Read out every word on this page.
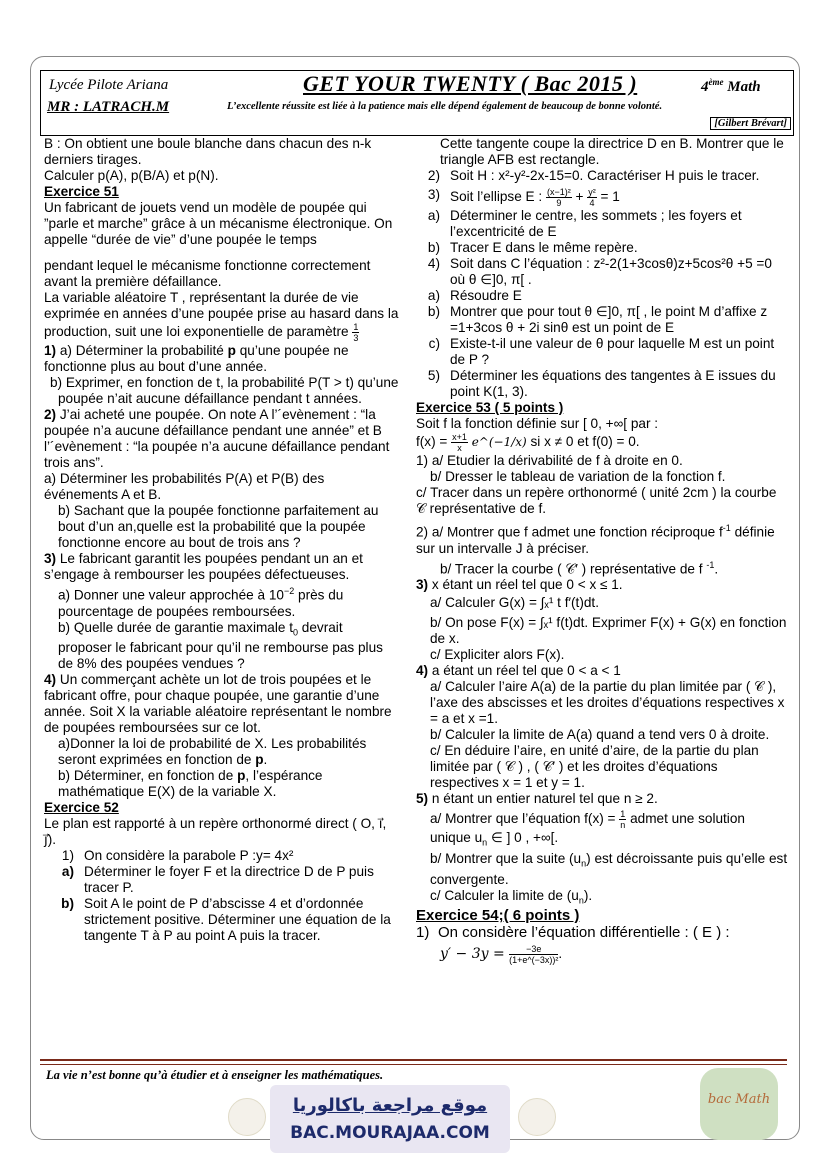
Lycée Pilote Ariana
MR : LATRACH.M
GET YOUR TWENTY ( Bac 2015 )	4ème Math
L’excellente réussite est liée à la patience mais elle dépend également de beaucoup de bonne volonté.
[Gilbert Brévart]

B : On obtient une boule blanche dans chacun des n-k derniers tirages.

Calculer p(A), p(B/A) et p(N).

Exercice 51

Un fabricant de jouets vend un modèle de poupée qui ”parle et marche” grâce à un mécanisme électronique. On appelle “durée de vie” d’une poupée le temps

pendant lequel le mécanisme fonctionne correctement avant la première défaillance.

La variable aléatoire T , représentant la durée de vie exprimée en années d’une poupée prise au hasard dans la production, suit une loi exponentielle de paramètre $\frac{1}{3}$

1) a) Déterminer la probabilité p qu’une poupée ne fonctionne plus au bout d’une année.

b) Exprimer, en fonction de t, la probabilité P(T > t) qu’une poupée n’ait aucune défaillance pendant t années.

2) J’ai acheté une poupée. On note A l’´evènement : “la poupée n’a aucune défaillance pendant une année” et B l’´evènement : “la poupée n’a aucune défaillance pendant trois ans”.

a) Déterminer les probabilités P(A) et P(B) des événements A et B.

b) Sachant que la poupée fonctionne parfaitement au bout d’un an,quelle est la probabilité que la poupée fonctionne encore au bout de trois ans ?

3) Le fabricant garantit les poupées pendant un an et s’engage à rembourser les poupées défectueuses.

a) Donner une valeur approchée à $10^{-2}$ près du pourcentage de poupées remboursées.

b) Quelle durée de garantie maximale $t_0$ devrait proposer le fabricant pour qu’il ne rembourse pas plus de 8% des poupées vendues ?

4) Un commerçant achète un lot de trois poupées et le fabricant offre, pour chaque poupée, une garantie d’une année. Soit X la variable aléatoire représentant le nombre de poupées remboursées sur ce lot.

a)Donner la loi de probabilité de X. Les probabilités seront exprimées en fonction de p.

b) Déterminer, en fonction de p, l’espérance mathématique E(X) de la variable X.

Exercice 52

Le plan est rapporté à un repère orthonormé direct ( O, i⃗, j⃗).

1) On considère la parabole P :y= 4x²
a) Déterminer le foyer F et la directrice D de P puis tracer P.
b) Soit A le point de P d’abscisse 4 et d’ordonnée strictement positive. Déterminer une équation de la tangente T à P au point A puis la tracer.

Cette tangente coupe la directrice D en B. Montrer que le triangle AFB est rectangle.

2) Soit H : x²-y²-2x-15=0. Caractériser H puis le tracer.
3) Soit l’ellipse E : $\frac{\text{(x−1)²}}{9} + \frac{\text{y²}}{4} = 1$
a) Déterminer le centre, les sommets ; les foyers et l’excentricité de E
b) Tracer E dans le même repère.
4) Soit dans C l’équation : z²-2(1+3cosθ)z+5cos²θ +5 =0 où θ ∈]0, π[ .
a) Résoudre E
b) Montrer que pour tout θ ∈]0, π[ , le point M d’affixe z =1+3cos θ + 2i sinθ est un point de E
c) Existe-t-il une valeur de θ pour laquelle M est un point de P ?
5) Déterminer les équations des tangentes à E issues du point K(1, 3).

Exercice 53 ( 5 points )

Soit f la fonction définie sur [ 0, +∞[ par :

$f(x) = \frac{x+1}{x}$ e^(−1/x) si x ≠ 0 et f(0) = 0.

1) a/ Etudier la dérivabilité de f à droite en 0.

b/ Dresser le tableau de variation de la fonction f.

c/ Tracer dans un repère orthonormé ( unité 2cm ) la courbe 𝒞 représentative de f.

2) a/ Montrer que f admet une fonction réciproque $f^{-1}$ définie sur un intervalle J à préciser.

b/ Tracer la courbe ( 𝒞′ ) représentative de f $^{-1}$.

3) x étant un réel tel que 0 < x ≤ 1.

a/ Calculer G(x) = ∫ₓ¹ t f′(t)dt.

b/ On pose F(x) = ∫ₓ¹ f(t)dt. Exprimer F(x) + G(x) en fonction de x.

c/ Expliciter alors F(x).

4) a étant un réel tel que 0 < a < 1

a/ Calculer l’aire A(a) de la partie du plan limitée par ( 𝒞 ), l’axe des abscisses et les droites d’équations respectives x = a et x =1.

b/ Calculer la limite de A(a) quand a tend vers 0 à droite.

c/ En déduire l’aire, en unité d’aire, de la partie du plan limitée par ( 𝒞 ) , ( 𝒞′ ) et les droites d’équations respectives x = 1 et y = 1.

5) n étant un entier naturel tel que n ≥ 2.

a/ Montrer que l’équation $f(x) = \frac{1}{n}$ admet une solution unique $u_n$ ∈ ] 0 , +∞[.

b/ Montrer que la suite $(u_n)$ est décroissante puis qu’elle est convergente.

c/ Calculer la limite de $(u_n)$.

Exercice 54;( 6 points )

1) On considère l’équation différentielle : ( E ) :

$y' - 3y = \frac{-3e}{\text{(1+e\textasciicircum{}(−3x))²}}$ .

La vie n’est bonne qu’à étudier et à enseigner les mathématiques.
موقع مراجعة باكالوريا
BAC.MOURAJAA.COM
bac Math
